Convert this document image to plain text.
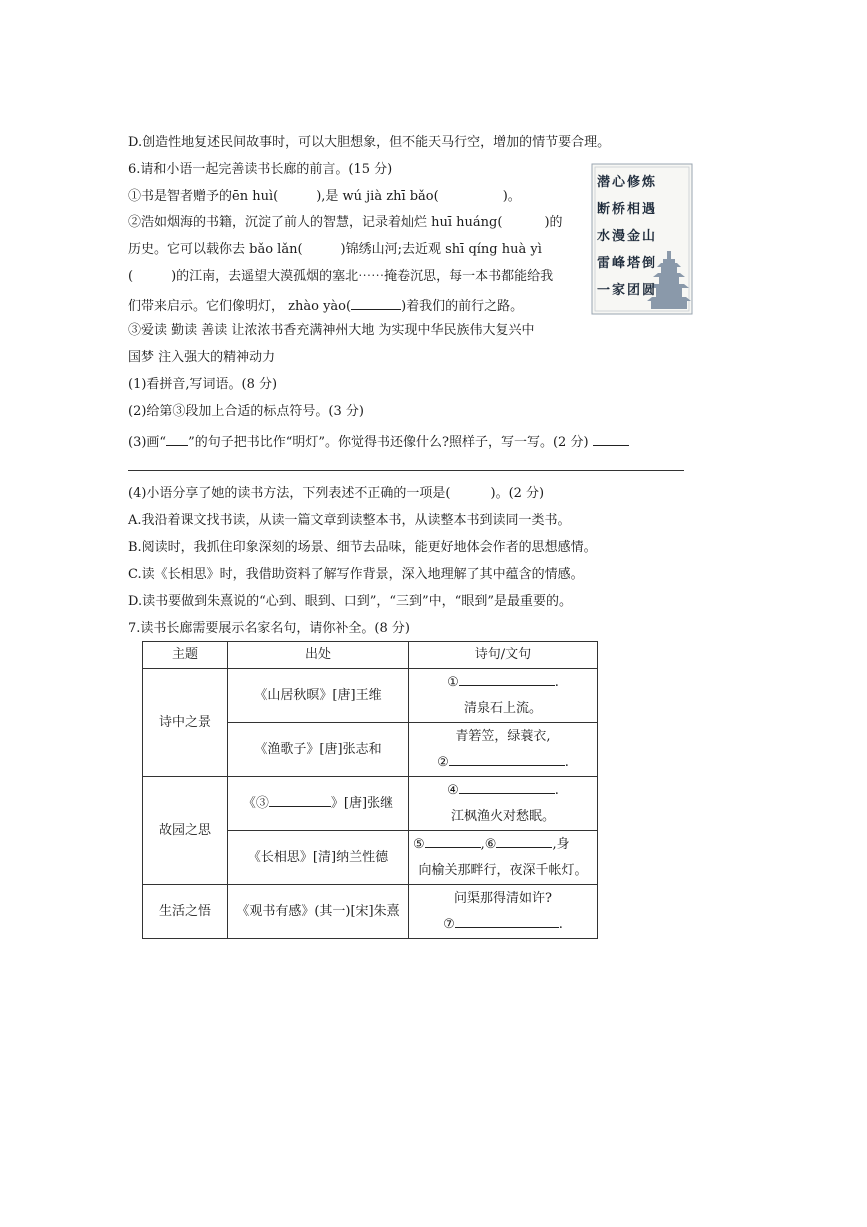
D.创造性地复述民间故事时，可以大胆想象，但不能天马行空，增加的情节要合理。
6.请和小语一起完善读书长廊的前言。(15 分)
①书是智者赠予的ēn huì(	),是 wú jià zhī bǎo(	)。
②浩如烟海的书籍，沉淀了前人的智慧，记录着灿烂 huī huáng(	)的
历史。它可以载你去 bǎo lǎn(	)锦绣山河;去近观 shī qíng huà yì
(	)的江南，去遥望大漠孤烟的塞北⋯⋯掩卷沉思，每一本书都能给我
们带来启示。它们像明灯， zhào yào(	)着我们的前行之路。
③爱读 勤读 善读 让浓浓书香充满神州大地 为实现中华民族伟大复兴中
国梦 注入强大的精神动力
(1)看拼音,写词语。(8 分)
(2)给第③段加上合适的标点符号。(3 分)
(3)画“ ”的句子把书比作“明灯”。你觉得书还像什么?照样子，写一写。(2 分)
(4)小语分享了她的读书方法，下列表述不正确的一项是(	)。(2 分)
A.我沿着课文找书读，从读一篇文章到读整本书，从读整本书到读同一类书。
B.阅读时，我抓住印象深刻的场景、细节去品味，能更好地体会作者的思想感情。
C.读《长相思》时，我借助资料了解写作背景，深入地理解了其中蕴含的情感。
D.读书要做到朱熹说的“心到、眼到、口到”，“三到”中，“眼到”是最重要的。
7.读书长廊需要展示名家名句，请你补全。(8 分)
潜心修炼
断桥相遇
水漫金山
雷峰塔倒
一家团圆
主题	出处	诗句/文句
诗中之景	《山居秋暝》[唐]王维	① .
清泉石上流。

	《渔歌子》[唐]张志和	青箬笠，绿蓑衣,
② .

故园之思	《③ 》[唐]张继	④ .
江枫渔火对愁眠。

	《长相思》[清]纳兰性德	⑤ ,⑥ ,身
向榆关那畔行，夜深千帐灯。

生活之悟	《观书有感》(其一)[宋]朱熹	问渠那得清如许?
⑦ .
